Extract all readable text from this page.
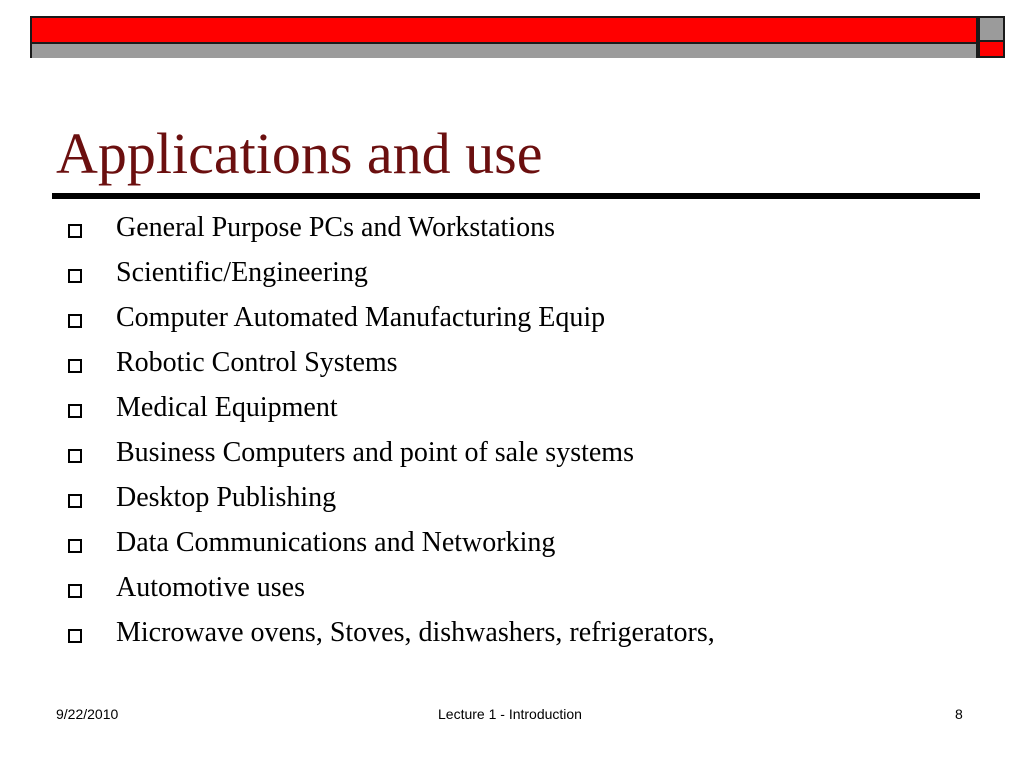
Applications and use
General Purpose PCs and Workstations
Scientific/Engineering
Computer Automated Manufacturing Equip
Robotic Control Systems
Medical Equipment
Business Computers and point of sale systems
Desktop Publishing
Data Communications and Networking
Automotive uses
Microwave ovens, Stoves, dishwashers, refrigerators,
9/22/2010	Lecture 1 - Introduction	8
